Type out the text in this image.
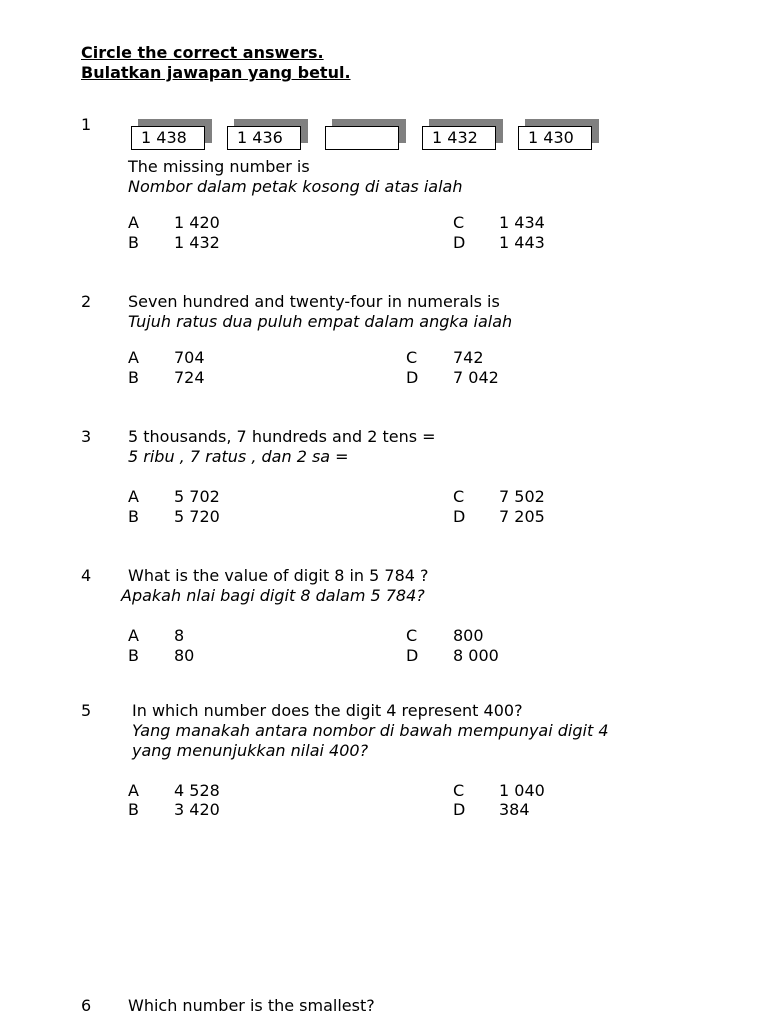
Circle the correct answers.
Bulatkan jawapan yang betul.
1
1 438	1 436	1 432	1 430
The missing number is
Nombor dalam petak kosong di atas ialah
A 1 420
B 1 432
C 1 434
D 1 443
2 Seven hundred and twenty-four in numerals is
Tujuh ratus dua puluh empat dalam angka ialah
A 704
B 724
C 742
D 7 042
3 5 thousands, 7 hundreds and 2 tens =
5 ribu , 7 ratus , dan 2 sa =
A 5 702
B 5 720
C 7 502
D 7 205
4 What is the value of digit 8 in 5 784 ?
Apakah nlai bagi digit 8 dalam 5 784?
A 8
B 80
C 800
D 8 000
5	In which number does the digit 4 represent 400?
Yang manakah antara nombor di bawah mempunyai digit 4
yang menunjukkan nilai 400?
A 4 528
B 3 420
C 1 040
D 384
6 Which number is the smallest?
